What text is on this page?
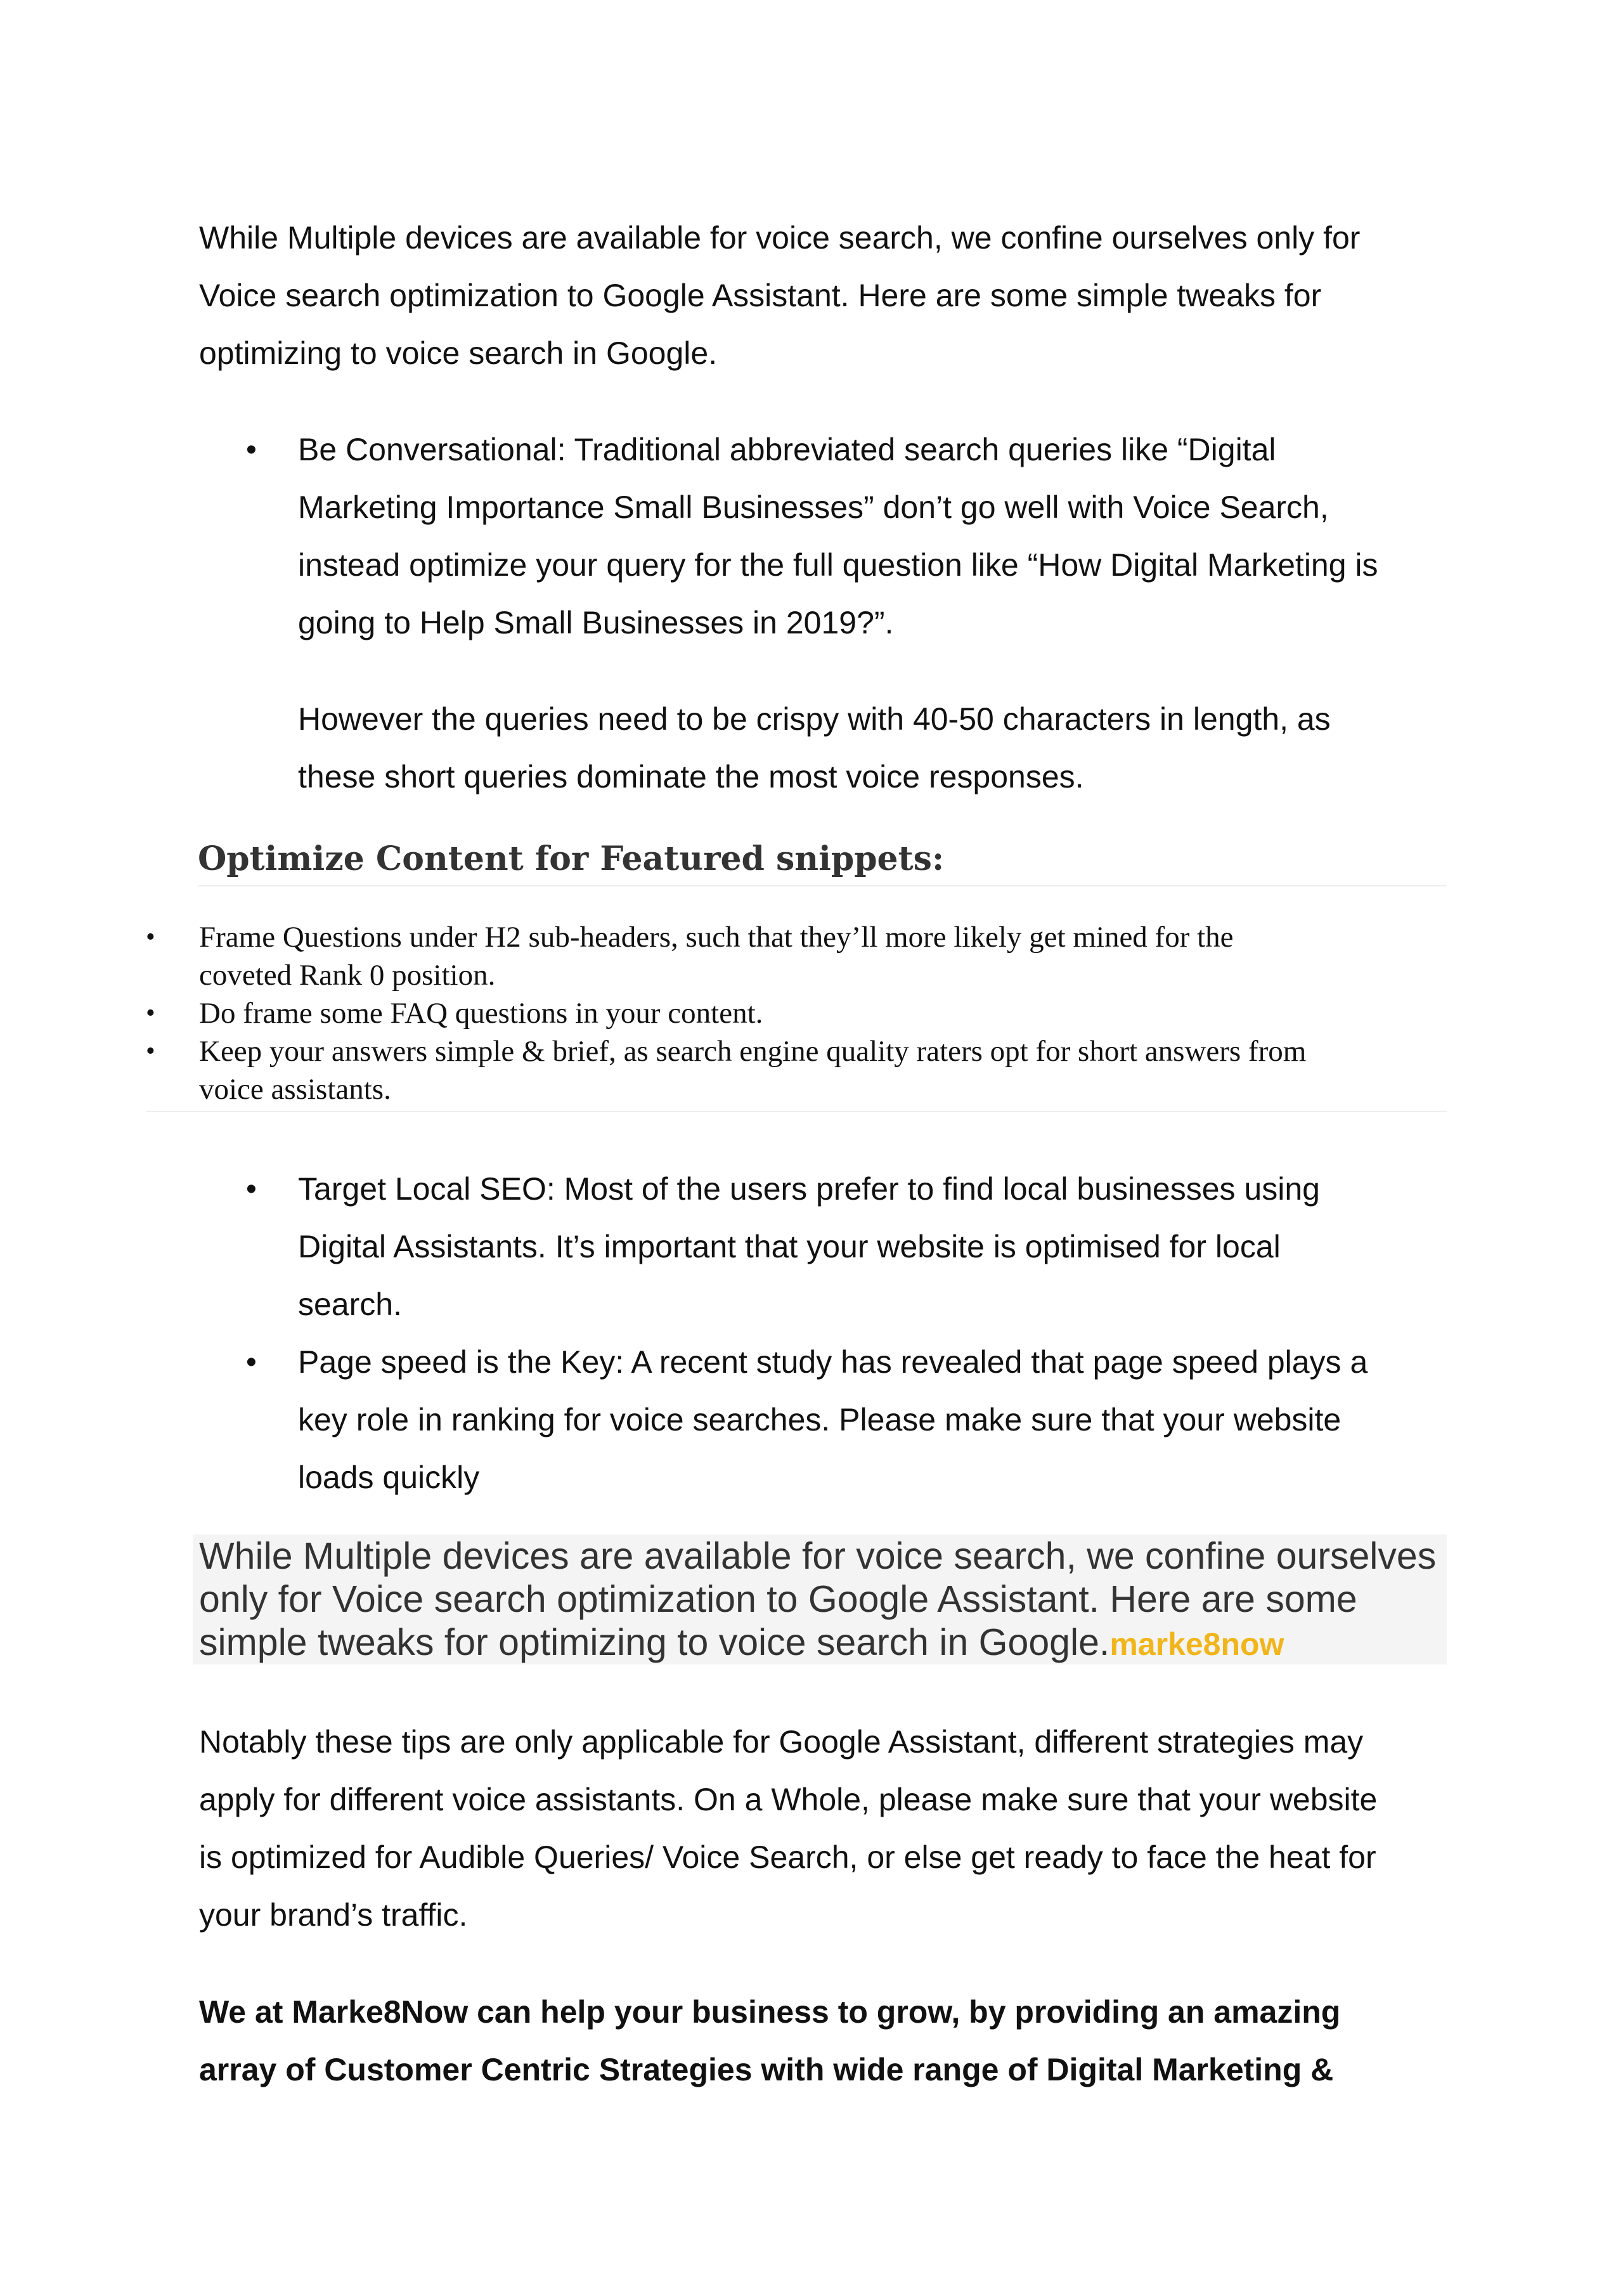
While Multiple devices are available for voice search, we confine ourselves only for

Voice search optimization to Google Assistant. Here are some simple tweaks for

optimizing to voice search in Google.

• Be Conversational: Traditional abbreviated search queries like “Digital

Marketing Importance Small Businesses” don’t go well with Voice Search,

instead optimize your query for the full question like “How Digital Marketing is

going to Help Small Businesses in 2019?”.

However the queries need to be crispy with 40-50 characters in length, as

these short queries dominate the most voice responses.

Optimize Content for Featured snippets:
• Frame Questions under H2 sub-headers, such that they’ll more likely get mined for the
coveted Rank 0 position.
• Do frame some FAQ questions in your content.
• Keep your answers simple & brief, as search engine quality raters opt for short answers from
voice assistants.
• Target Local SEO: Most of the users prefer to find local businesses using

Digital Assistants. It’s important that your website is optimised for local

search.

• Page speed is the Key: A recent study has revealed that page speed plays a

key role in ranking for voice searches. Please make sure that your website

loads quickly

While Multiple devices are available for voice search, we confine ourselves

only for Voice search optimization to Google Assistant. Here are some

simple tweaks for optimizing to voice search in Google.marke8now

Notably these tips are only applicable for Google Assistant, different strategies may

apply for different voice assistants. On a Whole, please make sure that your website

is optimized for Audible Queries/ Voice Search, or else get ready to face the heat for

your brand’s traffic.

We at Marke8Now can help your business to grow, by providing an amazing

array of Customer Centric Strategies with wide range of Digital Marketing &
